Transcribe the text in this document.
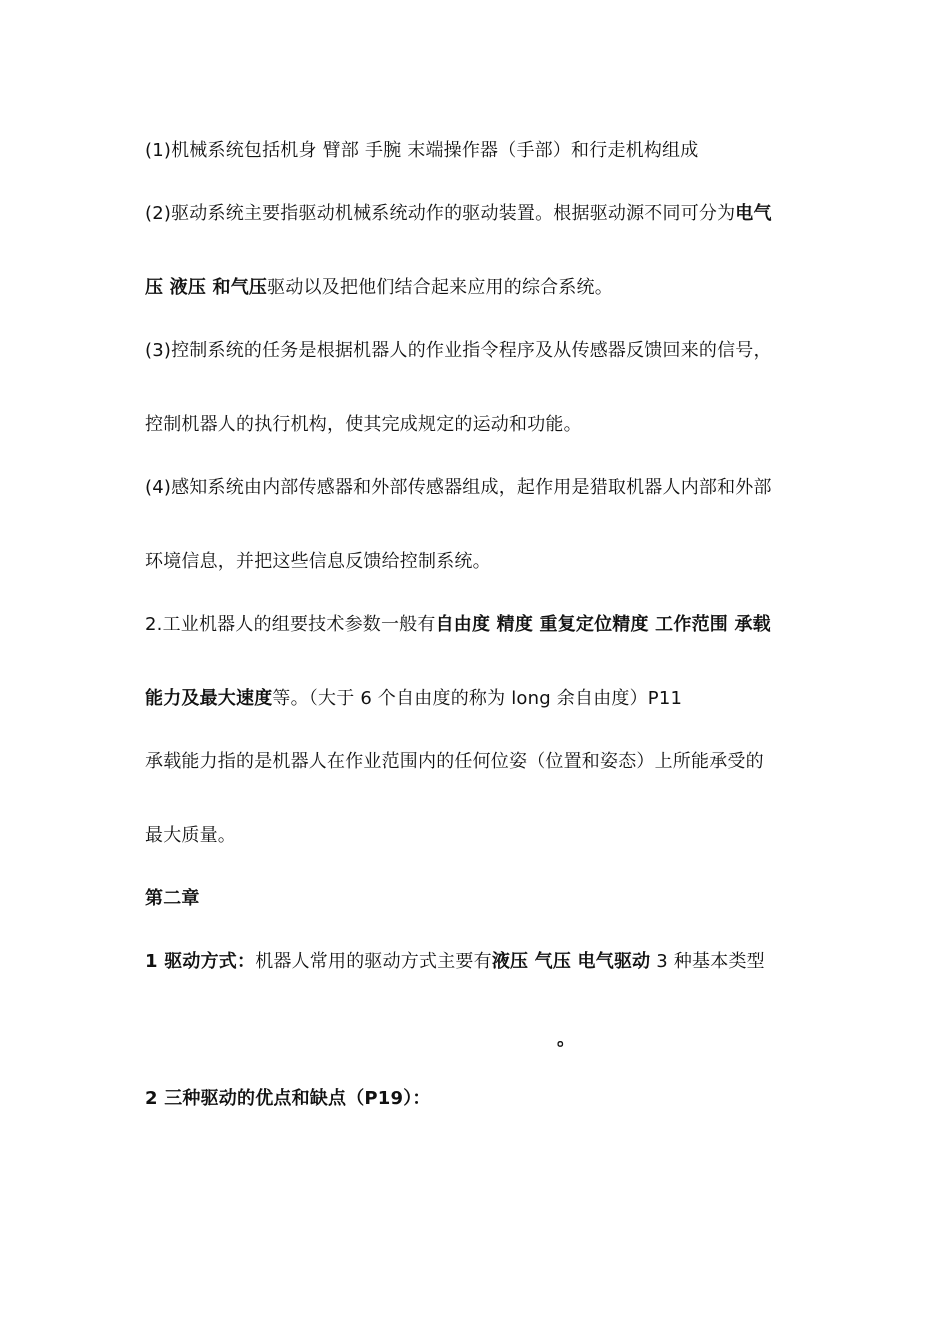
(1)机械系统包括机身 臂部 手腕 末端操作器（手部）和行走机构组成
(2)驱动系统主要指驱动机械系统动作的驱动装置。根据驱动源不同可分为电气
压 液压 和气压驱动以及把他们结合起来应用的综合系统。
(3)控制系统的任务是根据机器人的作业指令程序及从传感器反馈回来的信号，
控制机器人的执行机构，使其完成规定的运动和功能。
(4)感知系统由内部传感器和外部传感器组成，起作用是猎取机器人内部和外部
环境信息，并把这些信息反馈给控制系统。
2.工业机器人的组要技术参数一般有自由度 精度 重复定位精度 工作范围 承载
能力及最大速度等。（大于 6 个自由度的称为 long 余自由度）P11
承载能力指的是机器人在作业范围内的任何位姿（位置和姿态）上所能承受的
最大质量。
第二章
1 驱动方式：机器人常用的驱动方式主要有液压 气压 电气驱动 3 种基本类型
。
2 三种驱动的优点和缺点（P19）：
